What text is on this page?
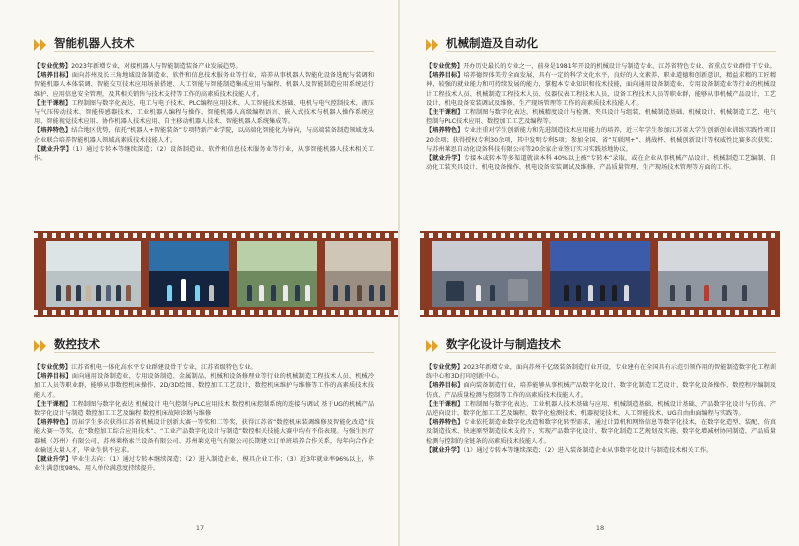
智能机器人技术

【专业优势】2023年新增专业，对接机器人与智能制造装备产业发展趋势。

【培养目标】面向苏州及长三角地域设备制造业、软件和信息技术服务业等行业，培养从事机器人智能化设备选配与装调和智能机器人本体装调、智能交互技术应用场景搭建、人工智能与智能制造集成应用与编程、机器人及智能制造应用系统运行维护、应用信息安全管理，及其相关销售与技术支持等工作的高素质技术技能人才。

【主干课程】工程制图与数字化表达、电工与电子技术、PLC编程应用技术、人工智能技术基础、电机与电气控制技术、液压与气压传动技术、智能传感器技术、工业机器人编程与操作、智能机器人高级编程语言、嵌入式技术与机器人操作系统应用、智能视觉技术应用、协作机器人技术应用、自主移动机器人技术、智能机器人系统集成等。

【培养特色】结合地区优势，依托“机器人+智能装备”专项特新产业学院，以高端化智能化为导向，与高端装备制造领域龙头企业联合培养智能机器人领域高素质技术技能人才。

【就业升学】（1）通过专转本等继续深造；（2）设备制造业、软件和信息技术服务业等行业，从事智能机器人技术相关工作。

数控技术

【专业优势】江苏省机电一体化高水平专业群建设骨干专业，江苏省级特色专业。

【培养目标】面向通用设备制造业、专用设备制造、金属制品、机械和设备修理业等行业的机械制造工程技术人员、机械冷加工人员等职业群，能够从事数控机床操作、2D/3D绘图、数控加工工艺设计、数控机床维护与维修等工作的高素质技术技能人才。

【主干课程】工程制图与数字化表达 机械设计 电气控制与PLC应用技术 数控机床控制系统的连接与调试 基于UG的机械产品数字化设计与制造 数控加工工艺及编程 数控机床故障诊断与维修

【培养特色】历届学生多次获得江苏省机械设计创新大赛一等奖和二等奖，获得江苏省“数控机床装调维修及智能化改造”技能大赛一等奖，在“数控加工综合应用技术”、“工业产品数字化设计与制造”数控相关技能大赛中均有不俗表现。与强生医疗器械（苏州）有限公司、苏州莱格索兰设备有限公司、苏州莱克电气有限公司长期建立订单班培养合作关系，每年向合作企业输送大量人才，毕业生供不应求。

【就业升学】毕业生去向：（1）通过专转本继续深造；（2）进入制造企业、模具企业工作；（3）近3年就业率96%以上，毕业生满意度98%，用人单位满意度持续提升。

17
机械制造及自动化

【专业优势】开办历史最长的专业之一，前身是1981年开设的机械设计与制造专业，江苏省特色专业、省重点专业群骨干专业。

【培养目标】培养德智体美劳全面发展，具有一定的科学文化水平，良好的人文素养、职业道德和创新意识，精益求精的工匠精神，较强的就业能力和可持续发展的能力，掌握本专业知识和技术技能，面向通用设备制造业、专用设备制造业等行业的机械设计工程技术人员、机械制造工程技术人员、仪器仪表工程技术人员、设备工程技术人员等职业群，能够从事机械产品设计、工艺设计、机电设备安装调试及维修、生产现场管理等工作的高素质技术技能人才。

【主干课程】工程制图与数字化表达、机械精度设计与检测、夹具设计与组装、机械制造基础、机械设计、机械制造工艺、电气控制与PLC技术应用、数控加工工艺及编程等。

【培养特色】专业注重对学生创新能力和先进制造技术应用能力的培养，近三年学生参加江苏省大学生创新创业训练实践性项目20余项；获得授权专利30余项，其中发明专利5项；参加全国、省“互联网+”、挑战杯、机械创新设计等权威性比赛多次获奖；与苏州莱思自动化设备科技有限公司等20余家企业签订实习实践基地协议。

【就业升学】专接本或转本等多渠道就读本科 40%以上被“专转本”录取，或在企业从事机械产品设计、机械制造工艺编制、自动化工装夹具设计、机电设备操作、机电设备安装调试及维修、产品质量管理、生产现场技术管理等方面的工作。

数字化设计与制造技术

【专业优势】2023年新增专业，面向苏州千亿级装备制造行业开设，专业建有在全国具有示范引领作用的智能制造数字化工程训练中心和3D打印创新中心。

【培养目标】面向装备制造行业，培养能够从事机械产品数字化设计、数字化制造工艺设计、数字化设备操作、数控程序编制及仿真、产品质量检测与控制等工作的高素质技术技能人才。

【主干课程】工程制图与数字化表达、工业机器人技术基础与应用、机械制造基础、机械设计基础、产品数字化设计与仿真、产品逆向设计、数字化加工工艺及编程、数字化检测技术、机器视觉技术、人工智能技术、UG自由曲面编程与实践等。

【培养特色】专业依托制造业数字化改造和数字化转型需求，通过计算机和网络信息等数字化技术，在数字化造型、装配、仿真及制造技术、快速原型制造技术支持下，实现产品数字化设计、数字化制造工艺规划及实施、数字化增减材协同制造、产品质量检测与控制的全链条的高素质技术技能人才。

【就业升学】（1）通过专转本等继续深造；（2）进入装备制造企业从事数字化设计与制造技术相关工作。

18
